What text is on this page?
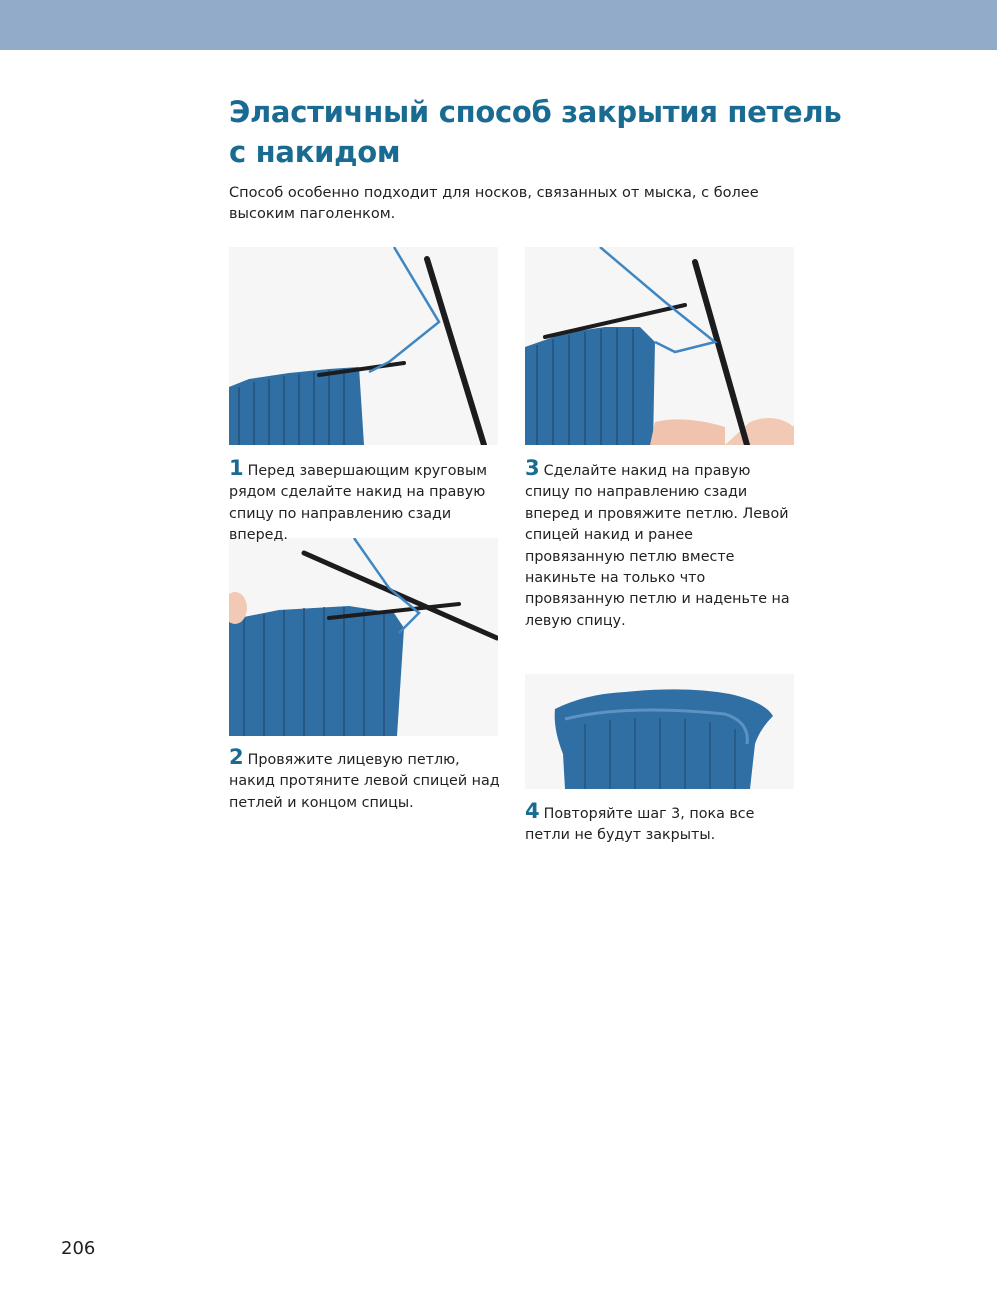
Эластичный способ закрытия петель с накидом

Способ особенно подходит для носков, связанных от мыска, с более высоким паголенком.

1 Перед завершающим круговым рядом сделайте накид на правую спицу по направлению сзади вперед.

2 Провяжите лицевую петлю, накид протяните левой спицей над петлей и концом спицы.

3 Сделайте накид на правую спицу по направлению сзади вперед и провяжите петлю. Левой спицей накид и ранее провязанную петлю вместе накиньте на только что провязанную петлю и наденьте на левую спицу.

4 Повторяйте шаг 3, пока все петли не будут закрыты.

206
